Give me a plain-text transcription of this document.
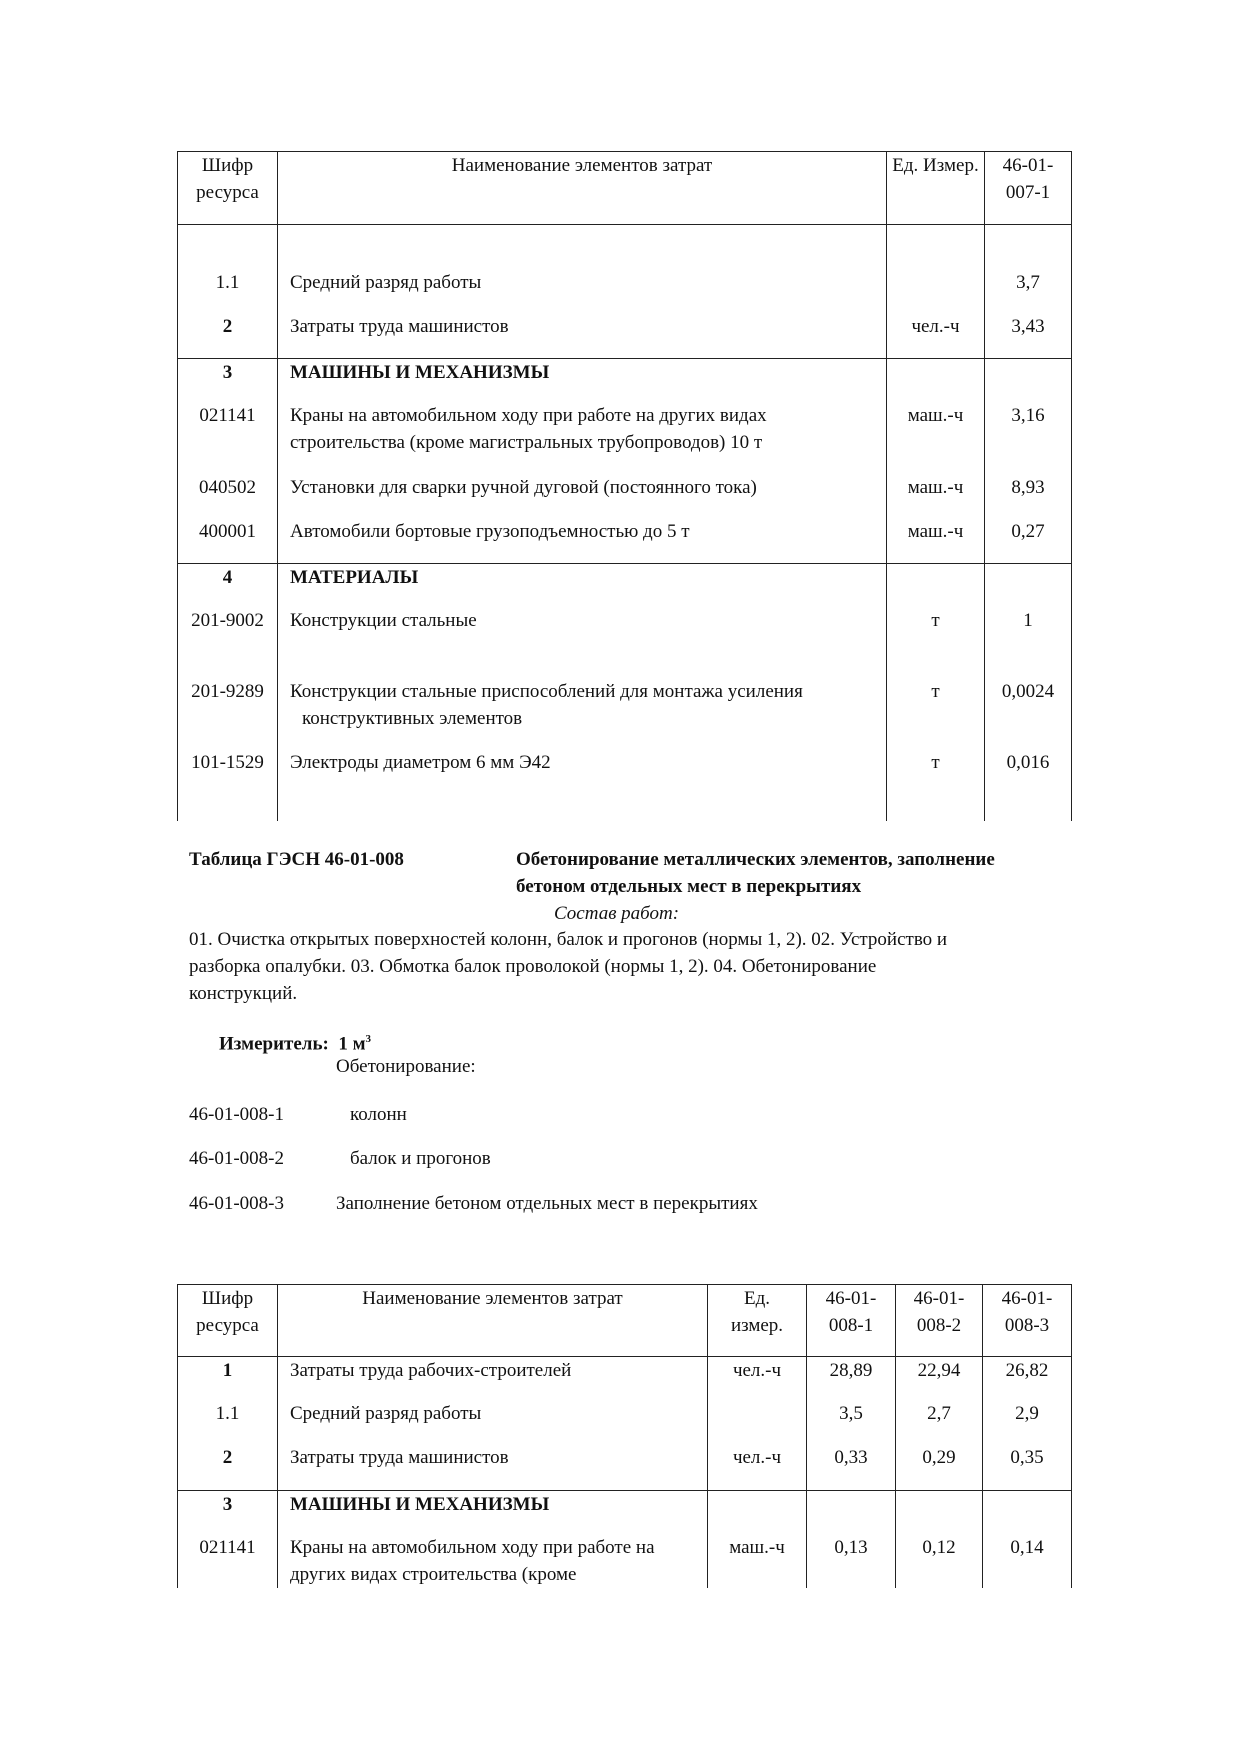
Шифр ресурса	Наименование элементов затрат	Ед. Измер.	46-01-007-1

1.1	Средний разряд работы		3,7
2	Затраты труда машинистов	чел.-ч	3,43
3	МАШИНЫ И МЕХАНИЗМЫ		

021141	Краны на автомобильном ходу при работе на других видах
строительства (кроме магистральных трубопроводов) 10 т	маш.-ч	3,16
040502	Установки для сварки ручной дуговой (постоянного тока)	маш.-ч	8,93
400001	Автомобили бортовые грузоподъемностью до 5 т	маш.-ч	0,27
4	МАТЕРИАЛЫ		

201-9002	Конструкции стальные	т	1
201-9289	Конструкции стальные приспособлений для монтажа усиления
конструктивных элементов	т	0,0024
101-1529	Электроды диаметром 6 мм Э42	т	0,016
Таблица ГЭСН 46-01-008	Обетонирование металлических элементов, заполнение
бетоном отдельных мест в перекрытиях
Состав работ:
01. Очистка открытых поверхностей колонн, балок и прогонов (нормы 1, 2). 02. Устройство и
разборка опалубки. 03. Обмотка балок проволокой (нормы 1, 2). 04. Обетонирование
конструкций.
Измеритель: 1 $м^3$
Обетонирование:
46-01-008-1	колонн
46-01-008-2	балок и прогонов
46-01-008-3	Заполнение бетоном отдельных мест в перекрытиях
Шифр ресурса	Наименование элементов затрат	Ед. измер.	46-01-008-1	46-01-008-2	46-01-008-3
1	Затраты труда рабочих-строителей	чел.-ч	28,89	22,94	26,82
1.1	Средний разряд работы		3,5	2,7	2,9
2	Затраты труда машинистов	чел.-ч	0,33	0,29	0,35
3	МАШИНЫ И МЕХАНИЗМЫ				

021141	Краны на автомобильном ходу при работе на
других видах строительства (кроме	маш.-ч	0,13	0,12	0,14
